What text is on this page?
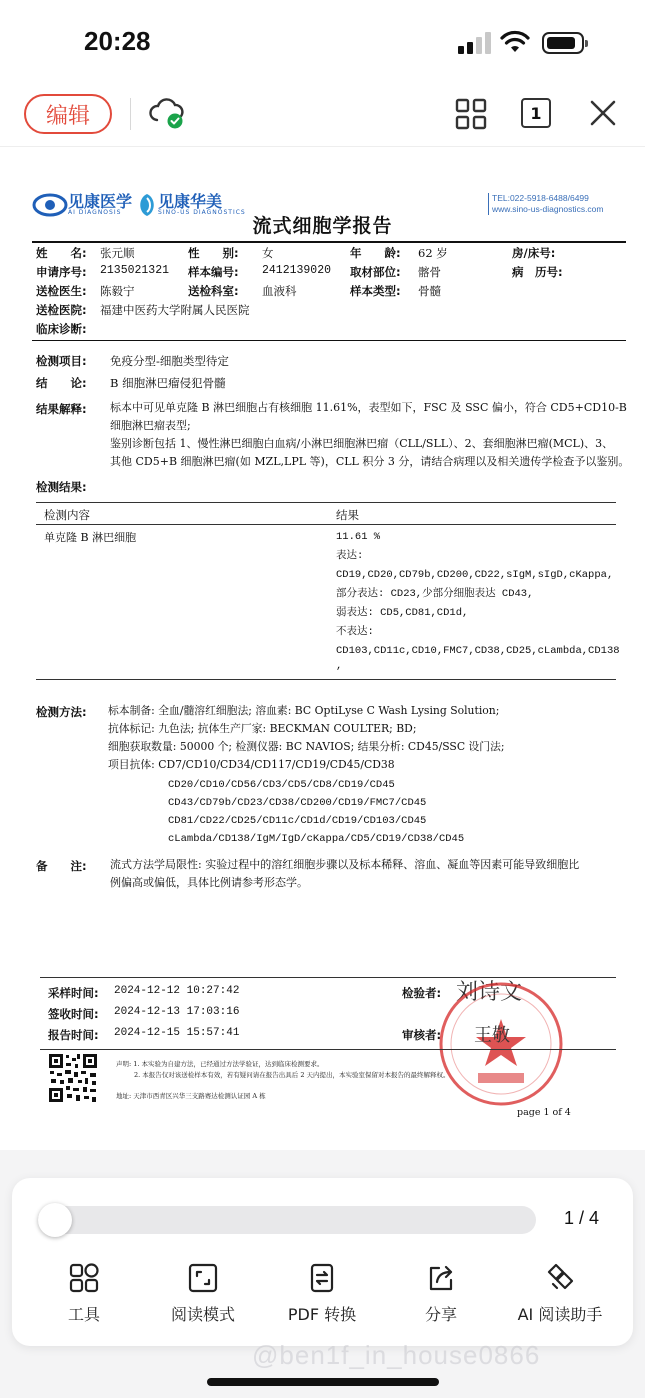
20:28
编辑	1
见康医学
AI DIAGNOSIS
见康华美
SINO-US DIAGNOSTICS
TEL:022-5918-6488/6499
www.sino-us-diagnostics.com
流式细胞学报告
姓　　名: 张元顺	性　　别: 女	年　　龄: 62 岁	房/床号:
申请序号: 2135021321 样本编号: 2412139020 取材部位: 髂骨	病　历号:
送检医生: 陈毅宁	送检科室: 血液科	样本类型: 骨髓
送检医院: 福建中医药大学附属人民医院
临床诊断:
检测项目: 免疫分型-细胞类型待定
结　　论: B 细胞淋巴瘤侵犯骨髓
结果解释: 标本中可见单克隆 B 淋巴细胞占有核细胞 11.61%，表型如下，FSC 及 SSC 偏小，符合 CD5+CD10-B
细胞淋巴瘤表型;
鉴别诊断包括 1、慢性淋巴细胞白血病/小淋巴细胞淋巴瘤（CLL/SLL）、2、套细胞淋巴瘤(MCL)、3、
其他 CD5+B 细胞淋巴瘤(如 MZL,LPL 等)，CLL 积分 3 分，请结合病理以及相关遗传学检查予以鉴别。
检测结果:
检测内容	结果
单克隆 B 淋巴细胞	11.61 %
表达:
CD19,CD20,CD79b,CD200,CD22,sIgM,sIgD,cKappa,
部分表达: CD23,少部分细胞表达 CD43,
弱表达: CD5,CD81,CD1d,
不表达:
CD103,CD11c,CD10,FMC7,CD38,CD25,cLambda,CD138
,
检测方法: 标本制备: 全血/髓溶红细胞法; 溶血素: BC OptiLyse C Wash Lysing Solution;
抗体标记: 九色法; 抗体生产厂家: BECKMAN COULTER; BD;
细胞获取数量: 50000 个; 检测仪器: BC NAVIOS; 结果分析: CD45/SSC 设门法;
项目抗体: CD7/CD10/CD34/CD117/CD19/CD45/CD38
CD20/CD10/CD56/CD3/CD5/CD8/CD19/CD45
CD43/CD79b/CD23/CD38/CD200/CD19/FMC7/CD45
CD81/CD22/CD25/CD11c/CD1d/CD19/CD103/CD45
cLambda/CD138/IgM/IgD/cKappa/CD5/CD19/CD38/CD45
备　　注: 流式方法学局限性: 实验过程中的溶红细胞步骤以及标本稀释、溶血、凝血等因素可能导致细胞比
例偏高或偏低，具体比例请参考形态学。
采样时间: 2024-12-12 10:27:42
签收时间: 2024-12-13 17:03:16
报告时间: 2024-12-15 15:57:41
检验者:
审核者:
刘诗文
王敬
声明: 1. 本实验为自建方法，已经通过方法学验证，达到临床检测要求。
2. 本报告仅对该送检样本有效，若有疑问请在报告出具后 2 天内提出，本实验室保留对本报告的最终解释权。
地址: 天津市西青区兴华三支路赛达检测认证园 A 栋
page 1 of 4
1 / 4
工具	阅读模式	PDF 转换	分享	AI 阅读助手
@ben1f_in_house0866
